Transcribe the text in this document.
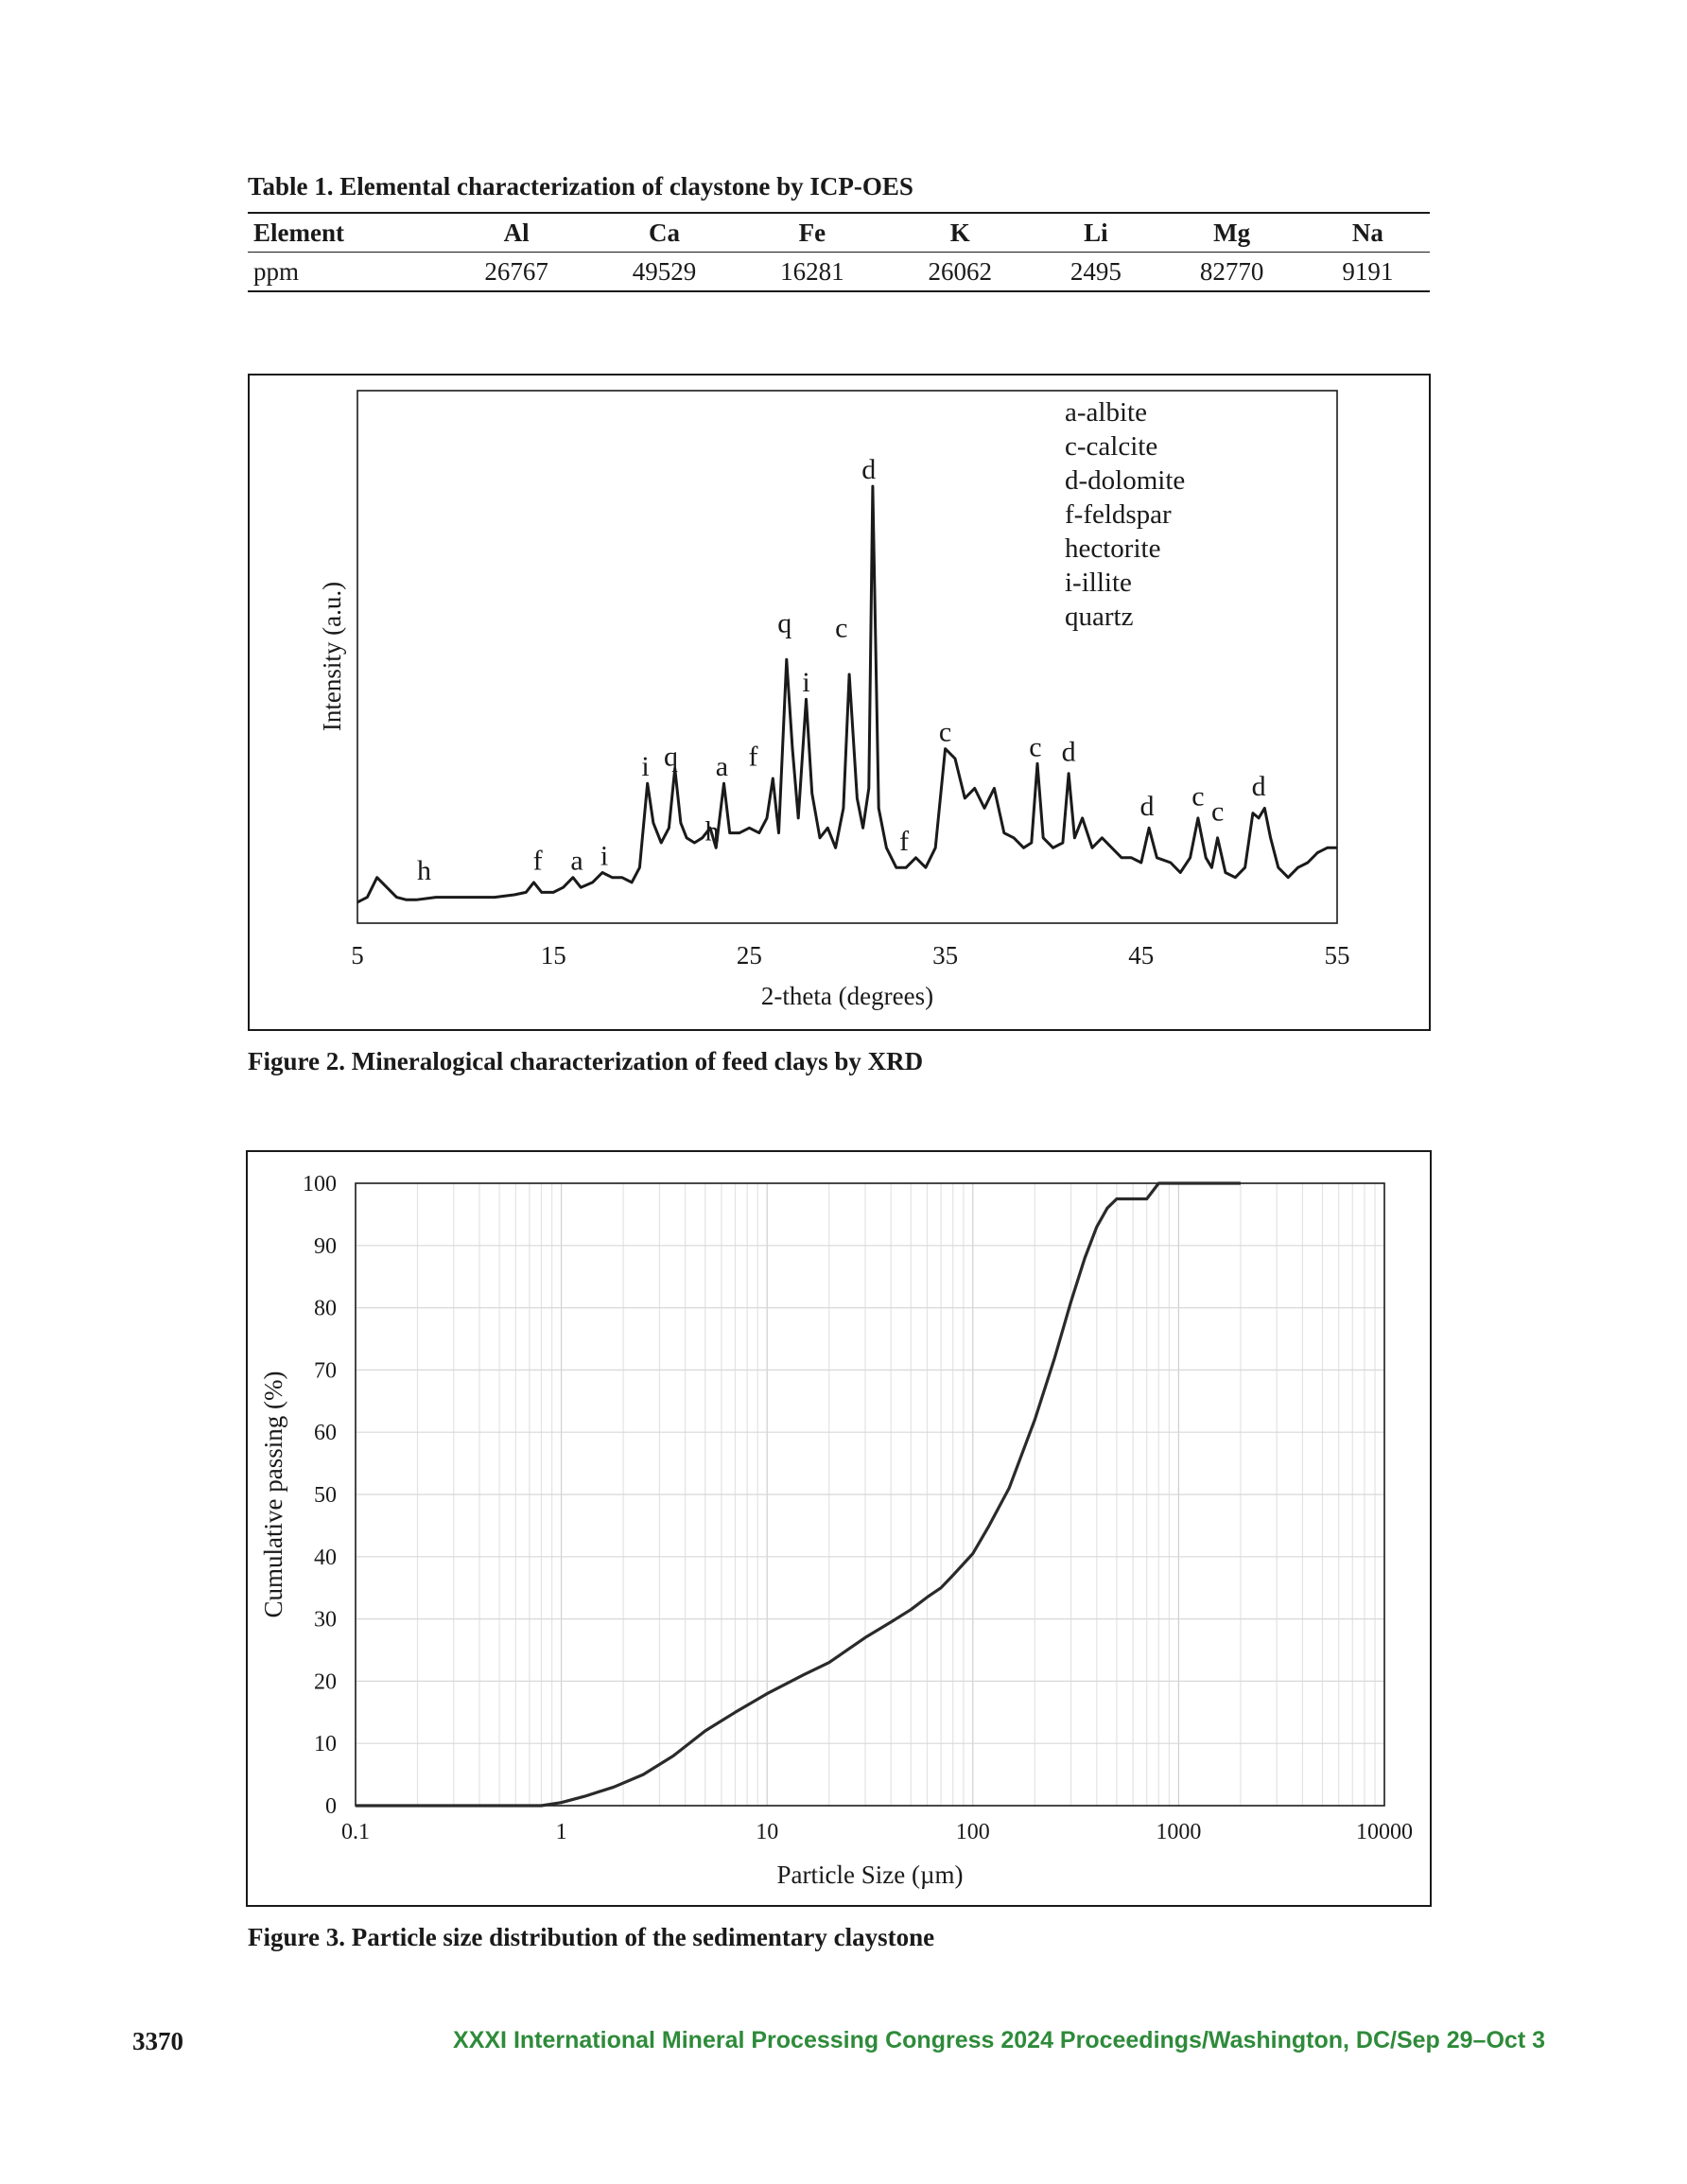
Table 1. Elemental characterization of claystone by ICP-OES
Element	Al	Ca	Fe	K	Li	Mg	Na
ppm	26767	49529	16281	26062	2495	82770	9191
5	15	25	35	45	55
h	f a i
i q
h
a f
q
i
c
d
f
c	c d
d c c
d
a-albite
c-calcite
d-dolomite
f-feldspar
hectorite
i-illite
quartz
2-theta (degrees)
Intensity (a.u.)
Figure 2. Mineralogical characterization of feed clays by XRD
0.1	1	10	100	1000	10000
0
10
20
30
40
50
60
70
80
90
100
Particle Size (µm)
Cumulative passing (%)
Figure 3. Particle size distribution of the sedimentary claystone
3370	XXXI International Mineral Processing Congress 2024 Proceedings/Washington, DC/Sep 29–Oct 3
